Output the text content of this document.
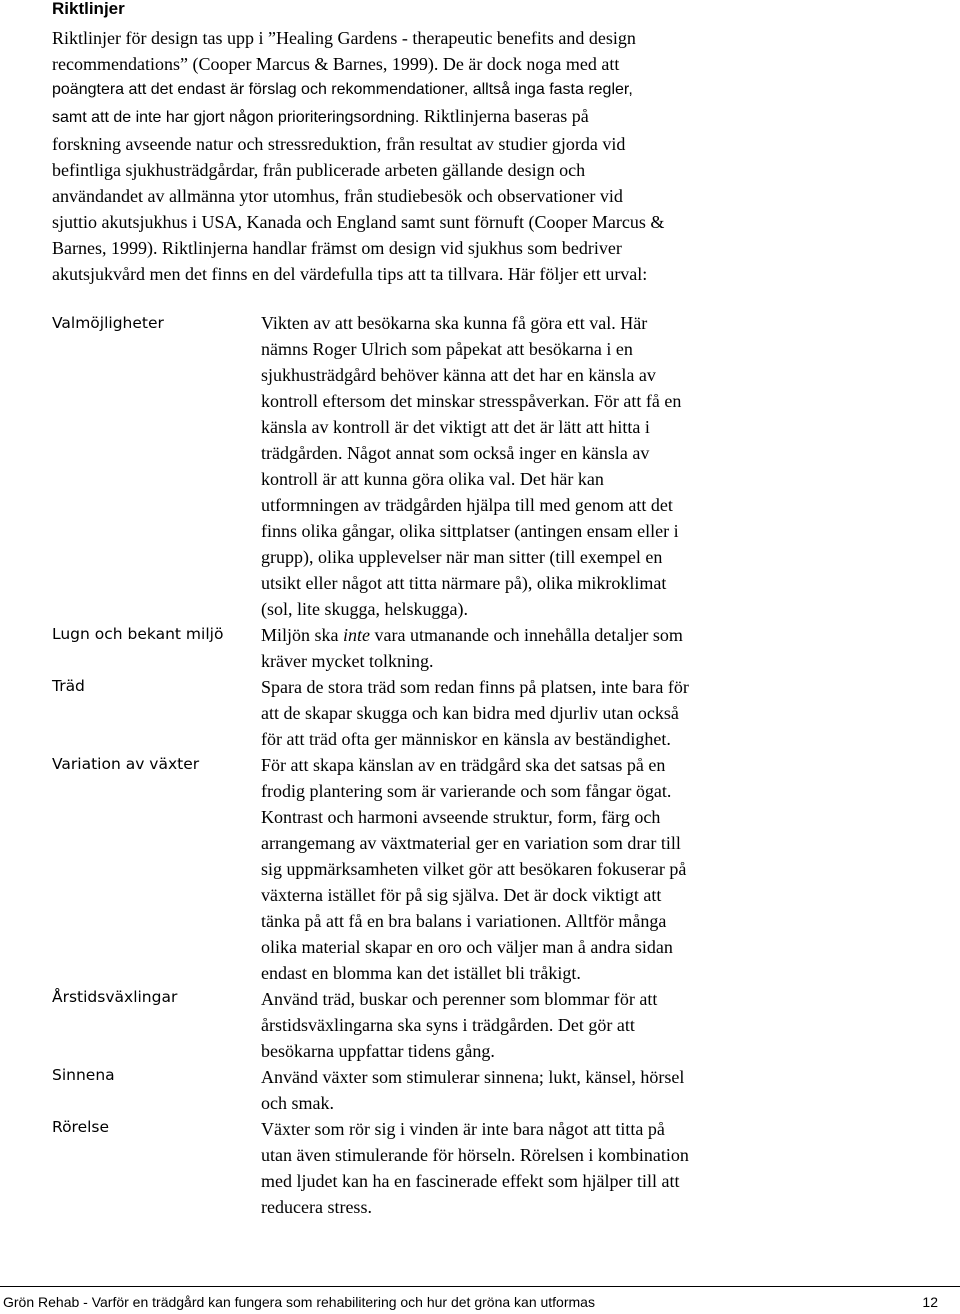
Riktlinjer
Riktlinjer för design tas upp i ”Healing Gardens - therapeutic benefits and design
recommendations” (Cooper Marcus & Barnes, 1999). De är dock noga med att
poängtera att det endast är förslag och rekommendationer, alltså inga fasta regler,
samt att de inte har gjort någon prioriteringsordning. Riktlinjerna baseras på
forskning avseende natur och stressreduktion, från resultat av studier gjorda vid
befintliga sjukhusträdgårdar, från publicerade arbeten gällande design och
användandet av allmänna ytor utomhus, från studiebesök och observationer vid
sjuttio akutsjukhus i USA, Kanada och England samt sunt förnuft (Cooper Marcus &
Barnes, 1999). Riktlinjerna handlar främst om design vid sjukhus som bedriver
akutsjukvård men det finns en del värdefulla tips att ta tillvara. Här följer ett urval:
Valmöjligheter
Lugn och bekant miljö
Träd
Variation av växter
Årstidsväxlingar
Sinnena
Rörelse
Vikten av att besökarna ska kunna få göra ett val. Här
nämns Roger Ulrich som påpekat att besökarna i en
sjukhusträdgård behöver känna att det har en känsla av
kontroll eftersom det minskar stresspåverkan. För att få en
känsla av kontroll är det viktigt att det är lätt att hitta i
trädgården. Något annat som också inger en känsla av
kontroll är att kunna göra olika val. Det här kan
utformningen av trädgården hjälpa till med genom att det
finns olika gångar, olika sittplatser (antingen ensam eller i
grupp), olika upplevelser när man sitter (till exempel en
utsikt eller något att titta närmare på), olika mikroklimat
(sol, lite skugga, helskugga).
Miljön ska inte vara utmanande och innehålla detaljer som
kräver mycket tolkning.
Spara de stora träd som redan finns på platsen, inte bara för
att de skapar skugga och kan bidra med djurliv utan också
för att träd ofta ger människor en känsla av beständighet.
För att skapa känslan av en trädgård ska det satsas på en
frodig plantering som är varierande och som fångar ögat.
Kontrast och harmoni avseende struktur, form, färg och
arrangemang av växtmaterial ger en variation som drar till
sig uppmärksamheten vilket gör att besökaren fokuserar på
växterna istället för på sig själva. Det är dock viktigt att
tänka på att få en bra balans i variationen. Alltför många
olika material skapar en oro och väljer man å andra sidan
endast en blomma kan det istället bli tråkigt.
Använd träd, buskar och perenner som blommar för att
årstidsväxlingarna ska syns i trädgården. Det gör att
besökarna uppfattar tidens gång.
Använd växter som stimulerar sinnena; lukt, känsel, hörsel
och smak.
Växter som rör sig i vinden är inte bara något att titta på
utan även stimulerande för hörseln. Rörelsen i kombination
med ljudet kan ha en fascinerade effekt som hjälper till att
reducera stress.
Grön Rehab - Varför en trädgård kan fungera som rehabilitering och hur det gröna kan utformas	12
